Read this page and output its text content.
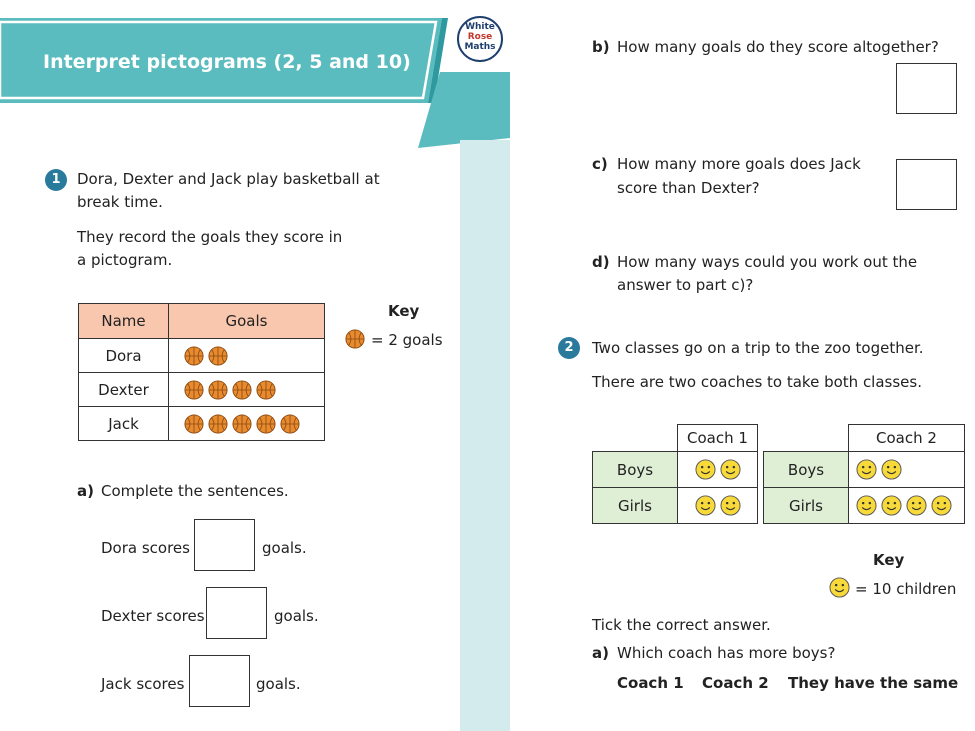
Interpret pictograms (2, 5 and 10)
White
Rose
Maths
1	Dora, Dexter and Jack play basketball at
break time.
They record the goals they score in
a pictogram.
Name	Goals
Dora	
Dexter	
Jack	
Key
= 2 goals
a) Complete the sentences.
Dora scores	goals.
Dexter scores	goals.
Jack scores	goals.
b) How many goals do they score altogether?
c) How many more goals does Jack
score than Dexter?
d) How many ways could you work out the
answer to part c)?
2	Two classes go on a trip to the zoo together.
There are two coaches to take both classes.
	Coach 1
Boys	
Girls	
	Coach 2
Boys	
Girls	
Key
= 10 children
Tick the correct answer.
a) Which coach has more boys?
Coach 1 Coach 2 They have the same
